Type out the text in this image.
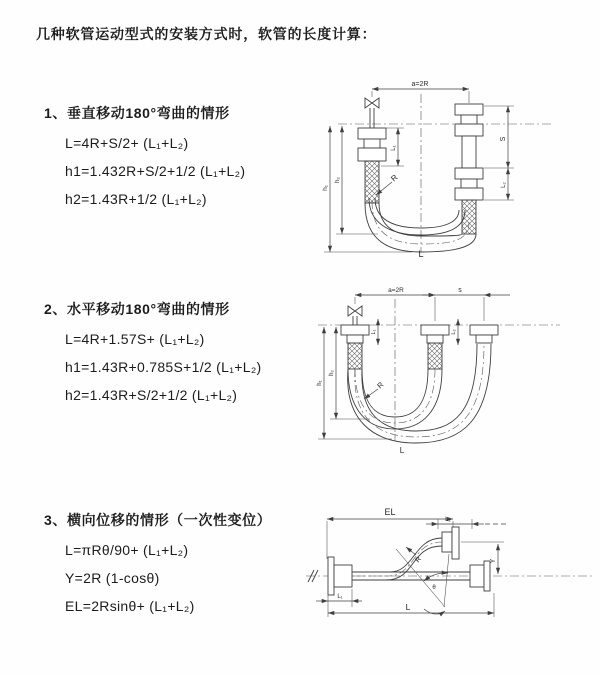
几种软管运动型式的安装方式时，软管的长度计算：
1、垂直移动180°弯曲的情形
L=4R+S/2+ (L₁+L₂)
h1=1.432R+S/2+1/2 (L₁+L₂)
h2=1.43R+1/2 (L₁+L₂)
a=2R
h₁
h₂
L₁
S
L₂
R
L
2、水平移动180°弯曲的情形
L=4R+1.57S+ (L₁+L₂)
h1=1.43R+0.785S+1/2 (L₁+L₂)
h2=1.43R+S/2+1/2 (L₁+L₂)
a=2R	s
h₁
h₂
L₁	L₂
R
L
3、横向位移的情形（一次性变位）
L=πRθ/90+ (L₁+L₂)
Y=2R (1-cosθ)
EL=2Rsinθ+ (L₁+L₂)
EL
L₂
Y
R
θ
L₁
L
